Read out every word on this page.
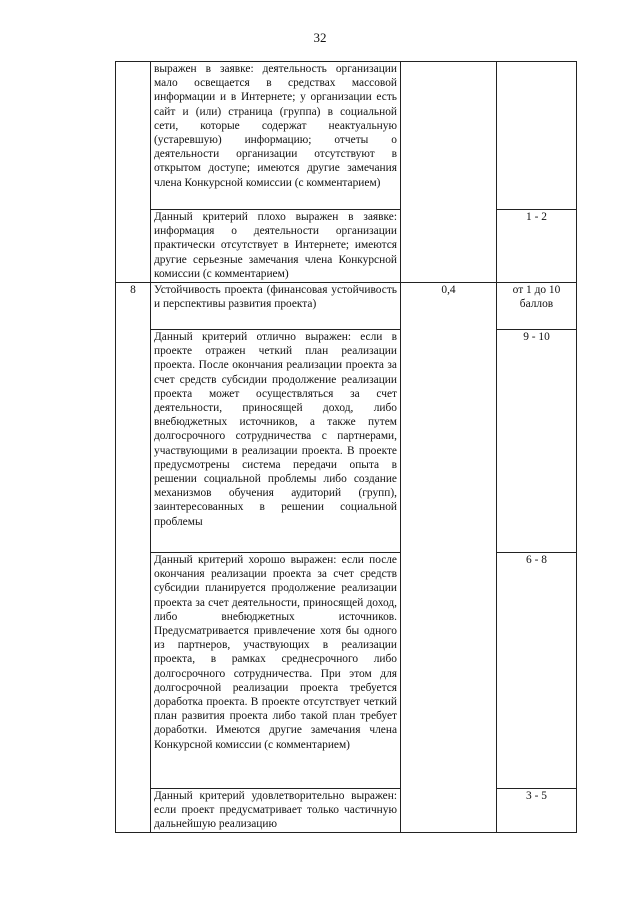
32
	выражен в заявке: деятельность организации мало освещается в средствах массовой информации и в Интернете; у организации есть сайт и (или) страница (группа) в социальной сети, которые содержат неактуальную (устаревшую) информацию; отчеты о деятельности организации отсутствуют в открытом доступе; имеются другие замечания члена Конкурсной комиссии (с комментарием)		
	Данный критерий плохо выражен в заявке: информация о деятельности организации практически отсутствует в Интернете; имеются другие серьезные замечания члена Конкурсной комиссии (с комментарием)		1 - 2
8	Устойчивость проекта (финансовая устойчивость и перспективы развития проекта)	0,4	от 1 до 10 баллов
	Данный критерий отлично выражен: если в проекте отражен четкий план реализации проекта. После окончания реализации проекта за счет средств субсидии продолжение реализации проекта может осуществляться за счет деятельности, приносящей доход, либо внебюджетных источников, а также путем долгосрочного сотрудничества с партнерами, участвующими в реализации проекта. В проекте предусмотрены система передачи опыта в решении социальной проблемы либо создание механизмов обучения аудиторий (групп), заинтересованных в решении социальной проблемы		9 - 10
	Данный критерий хорошо выражен: если после окончания реализации проекта за счет средств субсидии планируется продолжение реализации проекта за счет деятельности, приносящей доход, либо внебюджетных источников. Предусматривается привлечение хотя бы одного из партнеров, участвующих в реализации проекта, в рамках среднесрочного либо долгосрочного сотрудничества. При этом для долгосрочной реализации проекта требуется доработка проекта. В проекте отсутствует четкий план развития проекта либо такой план требует доработки. Имеются другие замечания члена Конкурсной комиссии (с комментарием)		6 - 8
	Данный критерий удовлетворительно выражен: если проект предусматривает только частичную дальнейшую реализацию		3 - 5
